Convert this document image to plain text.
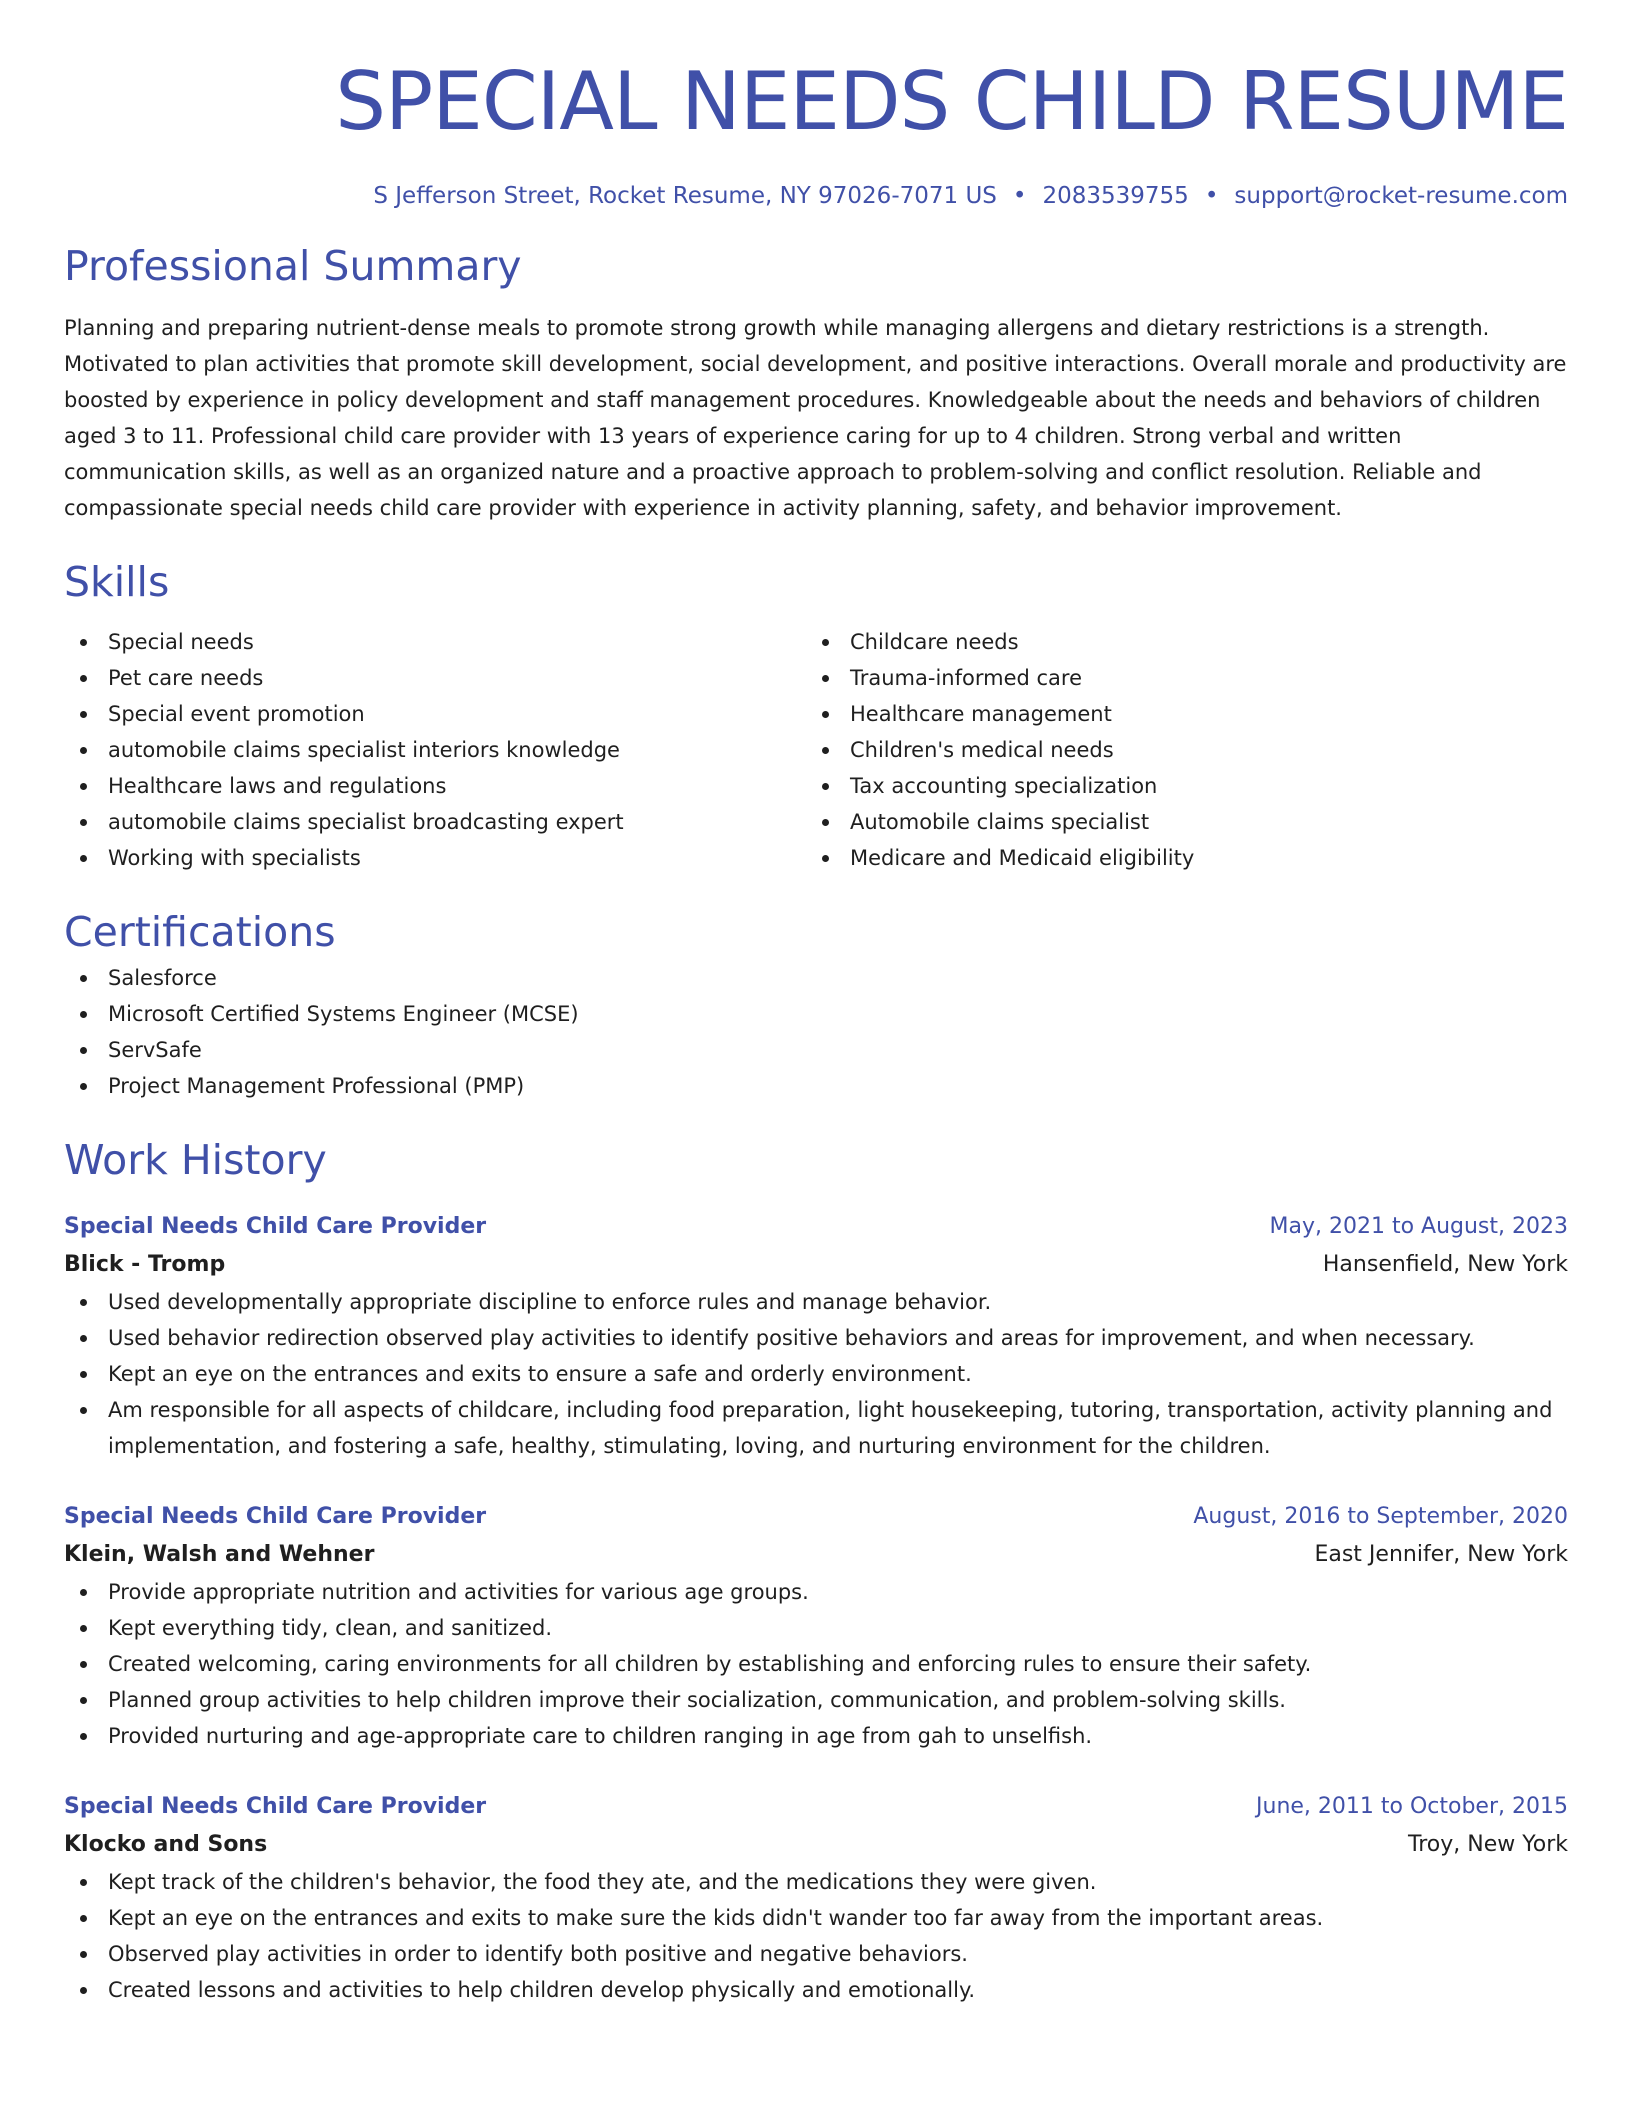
SPECIAL NEEDS CHILD RESUME
S Jefferson Street, Rocket Resume, NY 97026-7071 US • 2083539755 • support@rocket-resume.com
Professional Summary

Planning and preparing nutrient-dense meals to promote strong growth while managing allergens and dietary restrictions is a strength. Motivated to plan activities that promote skill development, social development, and positive interactions. Overall morale and productivity are boosted by experience in policy development and staff management procedures. Knowledgeable about the needs and behaviors of children aged 3 to 11. Professional child care provider with 13 years of experience caring for up to 4 children. Strong verbal and written communication skills, as well as an organized nature and a proactive approach to problem-solving and conflict resolution. Reliable and compassionate special needs child care provider with experience in activity planning, safety, and behavior improvement.

Skills
Special needs
Pet care needs
Special event promotion
automobile claims specialist interiors knowledge
Healthcare laws and regulations
automobile claims specialist broadcasting expert
Working with specialists
Childcare needs
Trauma-informed care
Healthcare management
Children's medical needs
Tax accounting specialization
Automobile claims specialist
Medicare and Medicaid eligibility
Certifications
Salesforce
Microsoft Certified Systems Engineer (MCSE)
ServSafe
Project Management Professional (PMP)
Work History
Special Needs Child Care Provider	May, 2021 to August, 2023
Blick - Tromp	Hansenfield, New York
Used developmentally appropriate discipline to enforce rules and manage behavior.
Used behavior redirection observed play activities to identify positive behaviors and areas for improvement, and when necessary.
Kept an eye on the entrances and exits to ensure a safe and orderly environment.
Am responsible for all aspects of childcare, including food preparation, light housekeeping, tutoring, transportation, activity planning and implementation, and fostering a safe, healthy, stimulating, loving, and nurturing environment for the children.
Special Needs Child Care Provider	August, 2016 to September, 2020
Klein, Walsh and Wehner	East Jennifer, New York
Provide appropriate nutrition and activities for various age groups.
Kept everything tidy, clean, and sanitized.
Created welcoming, caring environments for all children by establishing and enforcing rules to ensure their safety.
Planned group activities to help children improve their socialization, communication, and problem-solving skills.
Provided nurturing and age-appropriate care to children ranging in age from gah to unselfish.
Special Needs Child Care Provider	June, 2011 to October, 2015
Klocko and Sons	Troy, New York
Kept track of the children's behavior, the food they ate, and the medications they were given.
Kept an eye on the entrances and exits to make sure the kids didn't wander too far away from the important areas.
Observed play activities in order to identify both positive and negative behaviors.
Created lessons and activities to help children develop physically and emotionally.
